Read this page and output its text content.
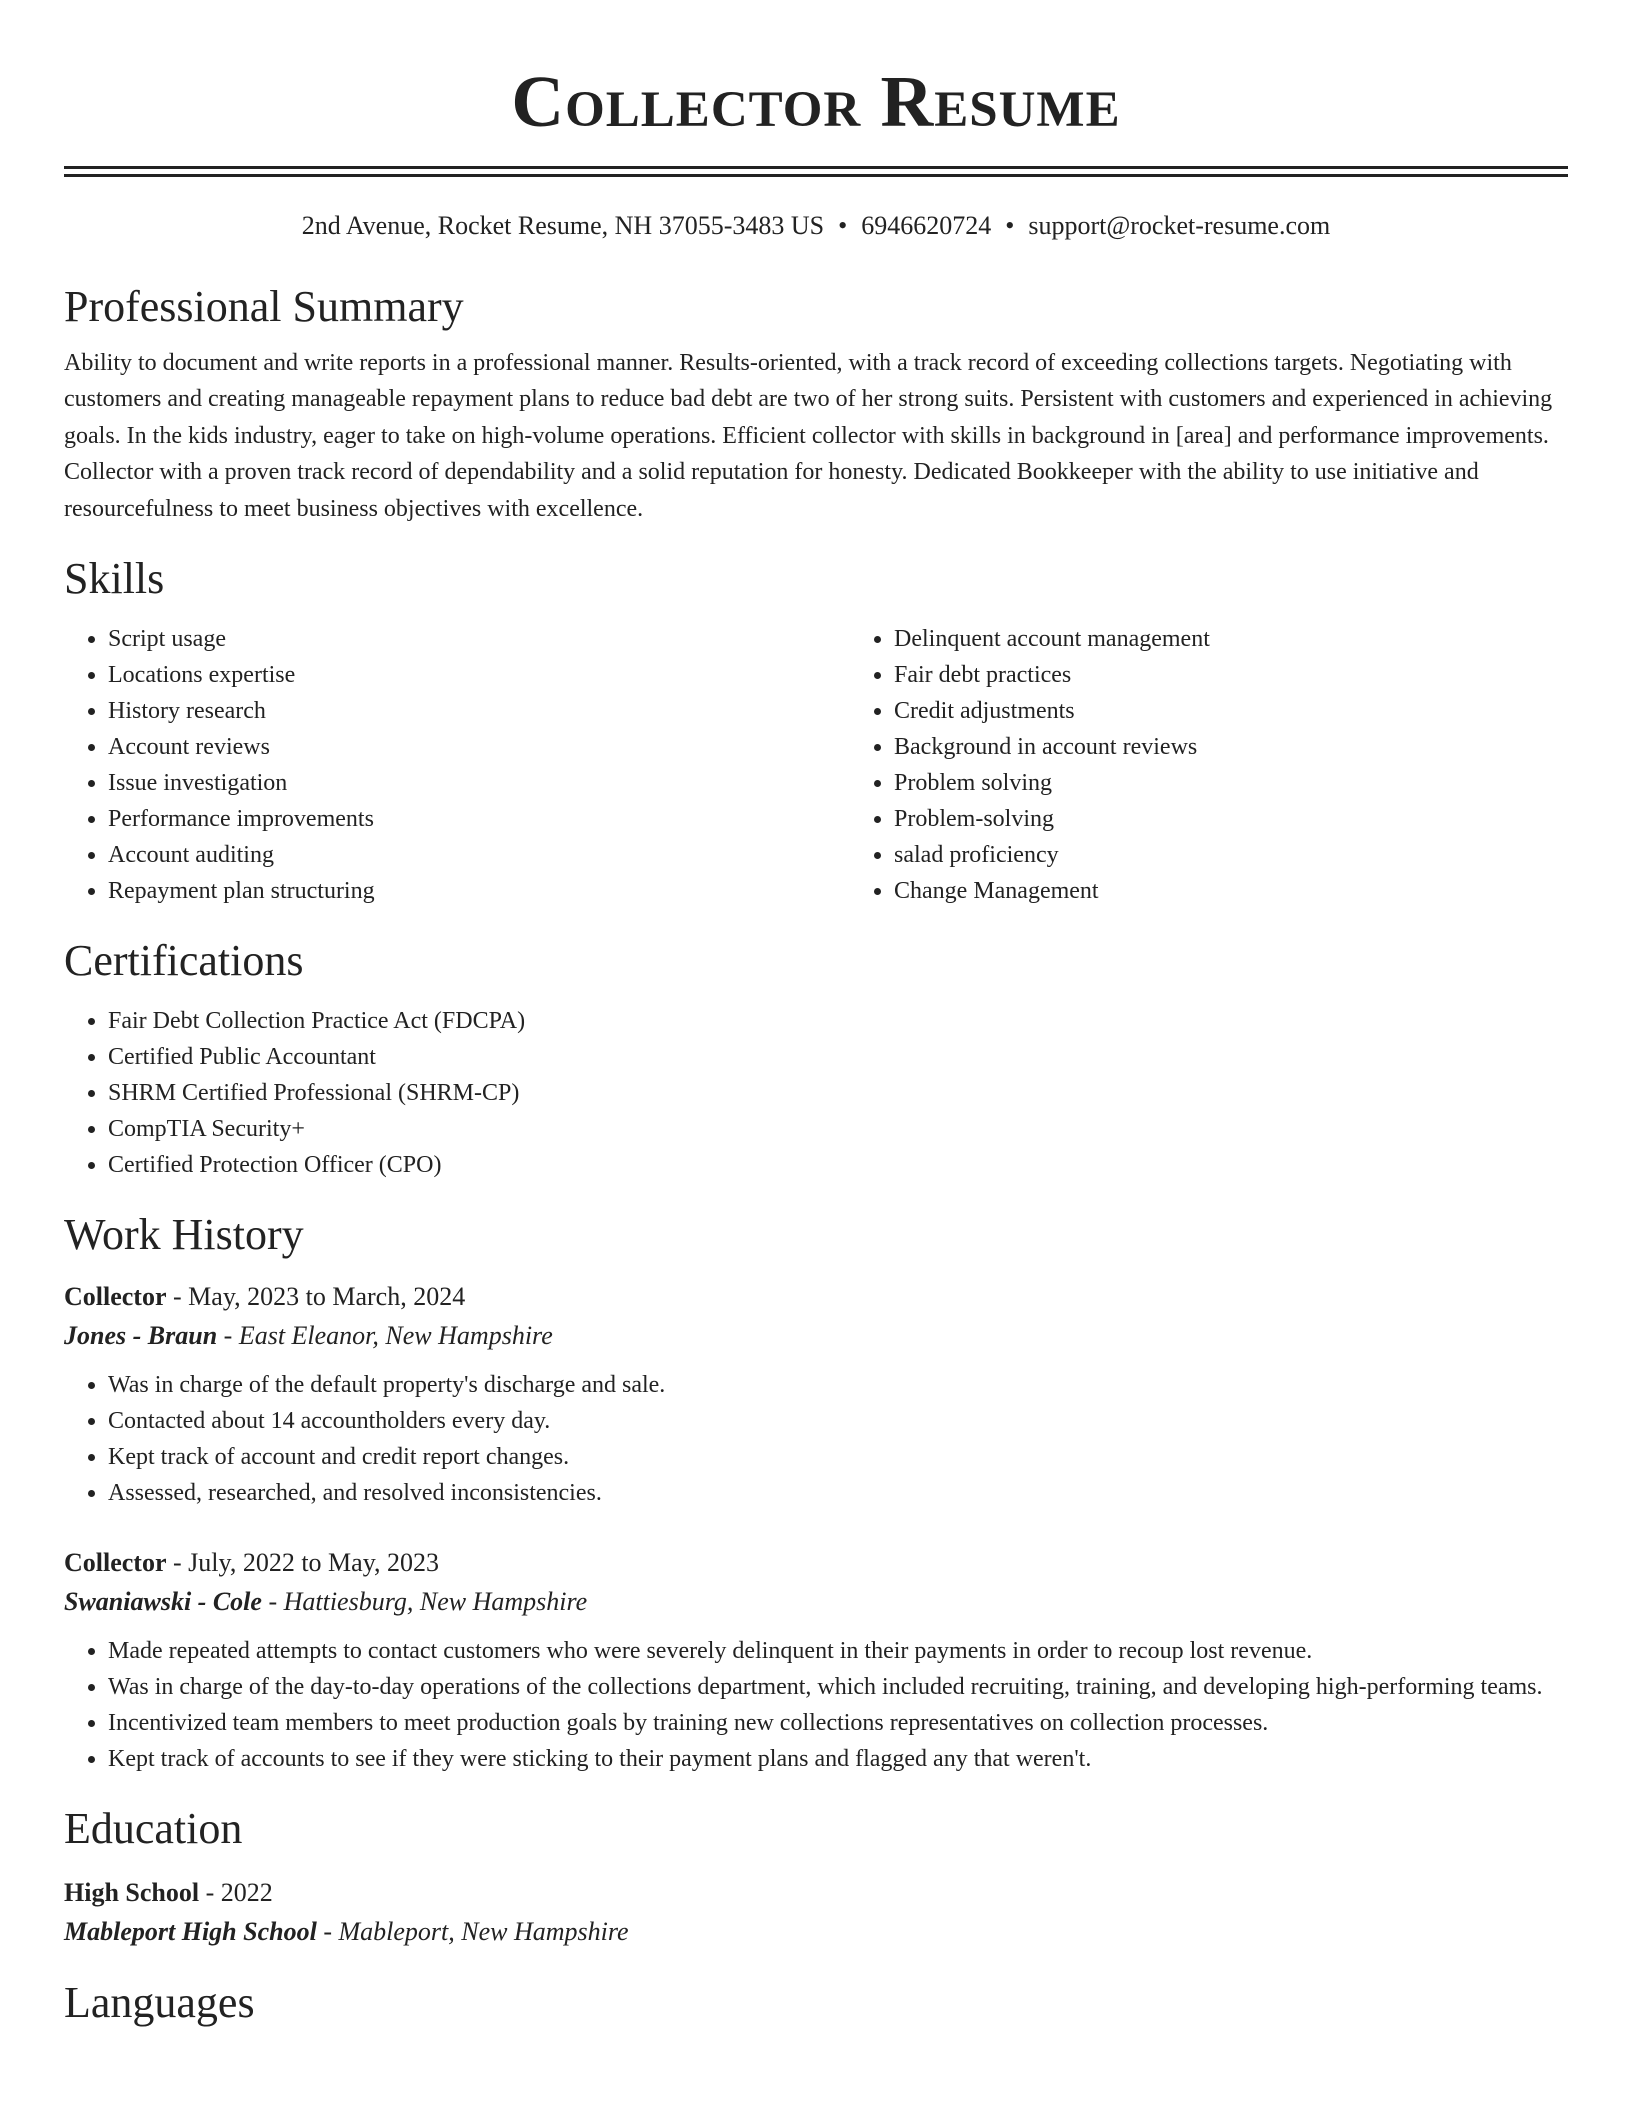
Collector Resume
2nd Avenue, Rocket Resume, NH 37055-3483 US • 6946620724 • support@rocket-resume.com
Professional Summary

Ability to document and write reports in a professional manner. Results-oriented, with a track record of exceeding collections targets. Negotiating with customers and creating manageable repayment plans to reduce bad debt are two of her strong suits. Persistent with customers and experienced in achieving goals. In the kids industry, eager to take on high-volume operations. Efficient collector with skills in background in [area] and performance improvements. Collector with a proven track record of dependability and a solid reputation for honesty. Dedicated Bookkeeper with the ability to use initiative and resourcefulness to meet business objectives with excellence.

Skills
• Script usage
• Locations expertise
• History research
• Account reviews
• Issue investigation
• Performance improvements
• Account auditing
• Repayment plan structuring
• Delinquent account management
• Fair debt practices
• Credit adjustments
• Background in account reviews
• Problem solving
• Problem-solving
• salad proficiency
• Change Management
Certifications
• Fair Debt Collection Practice Act (FDCPA)
• Certified Public Accountant
• SHRM Certified Professional (SHRM-CP)
• CompTIA Security+
• Certified Protection Officer (CPO)
Work History
Collector - May, 2023 to March, 2024
Jones - Braun - East Eleanor, New Hampshire
• Was in charge of the default property's discharge and sale.
• Contacted about 14 accountholders every day.
• Kept track of account and credit report changes.
• Assessed, researched, and resolved inconsistencies.
Collector - July, 2022 to May, 2023
Swaniawski - Cole - Hattiesburg, New Hampshire
• Made repeated attempts to contact customers who were severely delinquent in their payments in order to recoup lost revenue.
• Was in charge of the day-to-day operations of the collections department, which included recruiting, training, and developing high-performing teams.
• Incentivized team members to meet production goals by training new collections representatives on collection processes.
• Kept track of accounts to see if they were sticking to their payment plans and flagged any that weren't.
Education
High School - 2022
Mableport High School - Mableport, New Hampshire
Languages
